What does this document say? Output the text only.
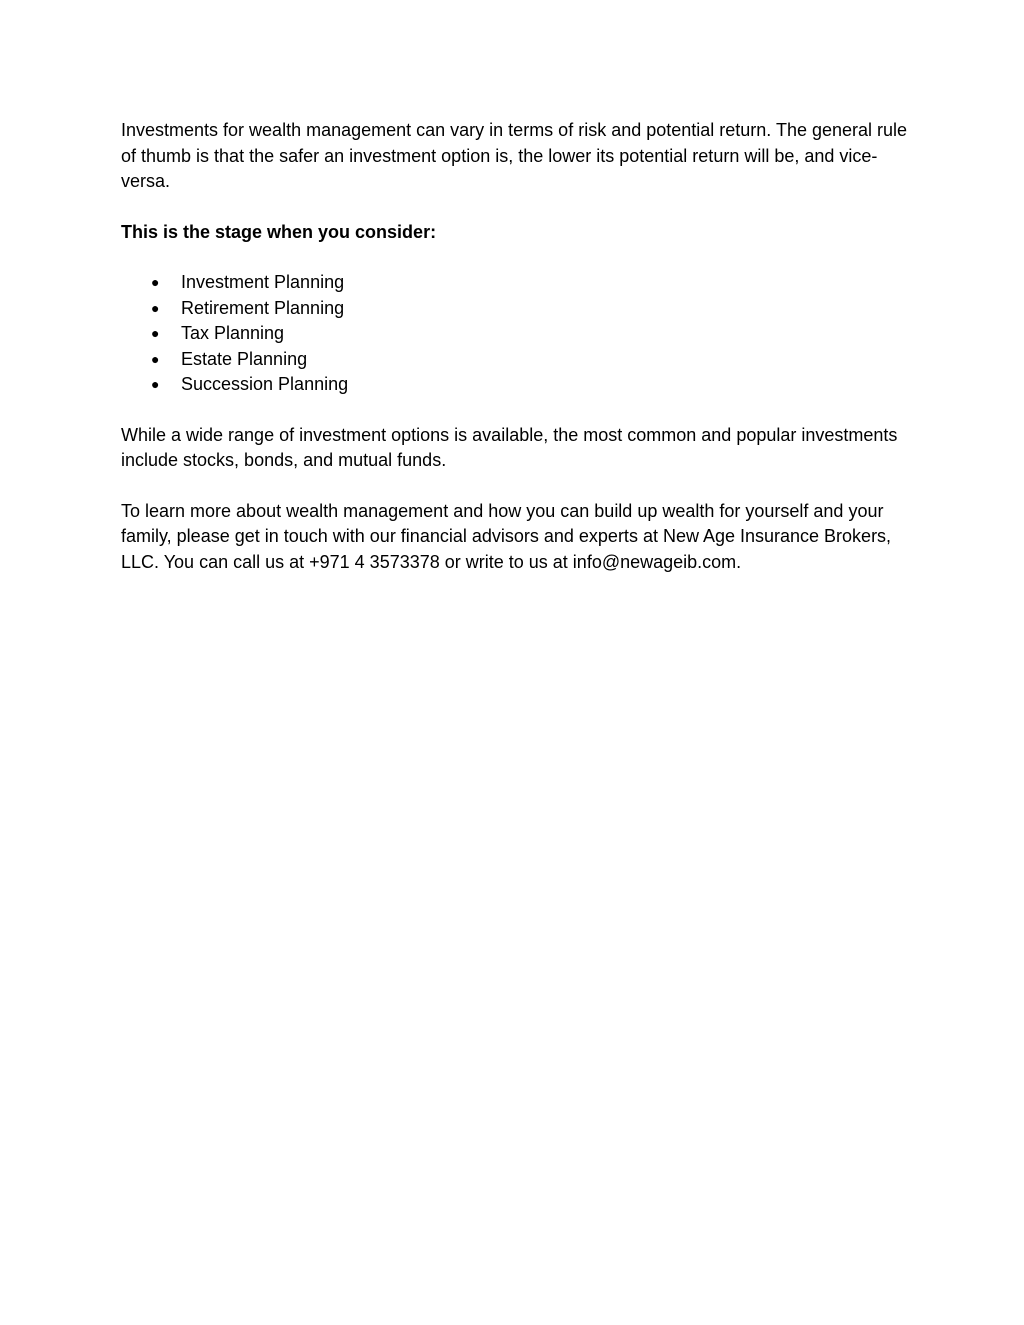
Investments for wealth management can vary in terms of risk and potential return. The general rule of thumb is that the safer an investment option is, the lower its potential return will be, and vice-versa.

This is the stage when you consider:

● Investment Planning
● Retirement Planning
● Tax Planning
● Estate Planning
● Succession Planning

While a wide range of investment options is available, the most common and popular investments include stocks, bonds, and mutual funds.

To learn more about wealth management and how you can build up wealth for yourself and your family, please get in touch with our financial advisors and experts at New Age Insurance Brokers, LLC. You can call us at +971 4 3573378 or write to us at info@newageib.com.
